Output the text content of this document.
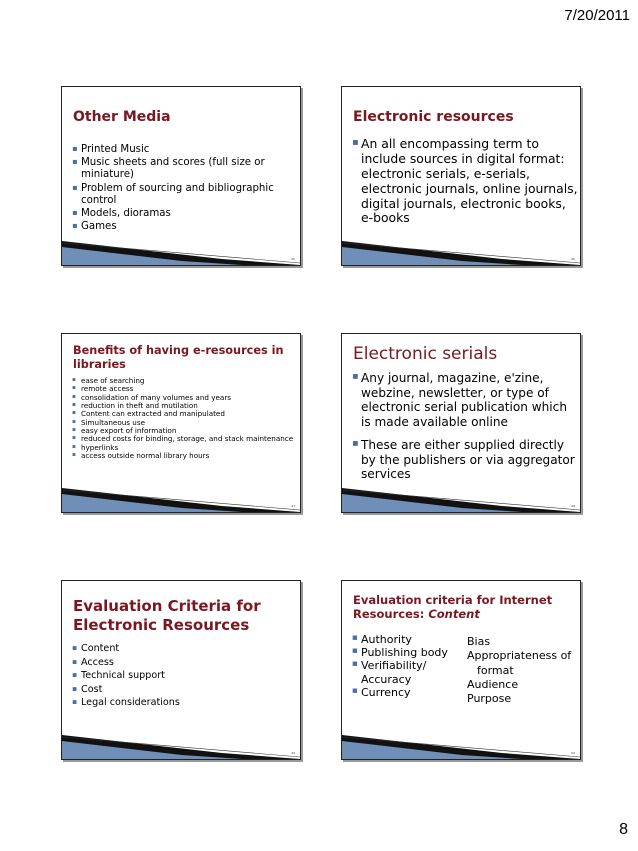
7/20/2011
Other Media
▪ Printed Music
▪ Music sheets and scores (full size or miniature)
▪ Problem of sourcing and bibliographic control
▪ Models, dioramas
▪ Games
45
Electronic resources
▪ An all encompassing term to include sources in digital format: electronic serials, e-serials, electronic journals, online journals, digital journals, electronic books, e-books
46
Benefits of having e-resources in libraries
▪ ease of searching
▪ remote access
▪ consolidation of many volumes and years
▪ reduction in theft and mutilation
▪ Content can extracted and manipulated
▪ Simultaneous use
▪ easy export of information
▪ reduced costs for binding, storage, and stack maintenance
▪ hyperlinks
▪ access outside normal library hours
47
Electronic serials
▪ Any journal, magazine, e'zine, webzine, newsletter, or type of electronic serial publication which is made available online
▪ These are either supplied directly by the publishers or via aggregator services
48
Evaluation Criteria for Electronic Resources
▪ Content
▪ Access
▪ Technical support
▪ Cost
▪ Legal considerations
49
Evaluation criteria for Internet Resources: Content
▪ Authority
▪ Publishing body
▪ Verifiability/ Accuracy
▪ Currency
Bias
Appropriateness of
format
Audience
Purpose
50
8
